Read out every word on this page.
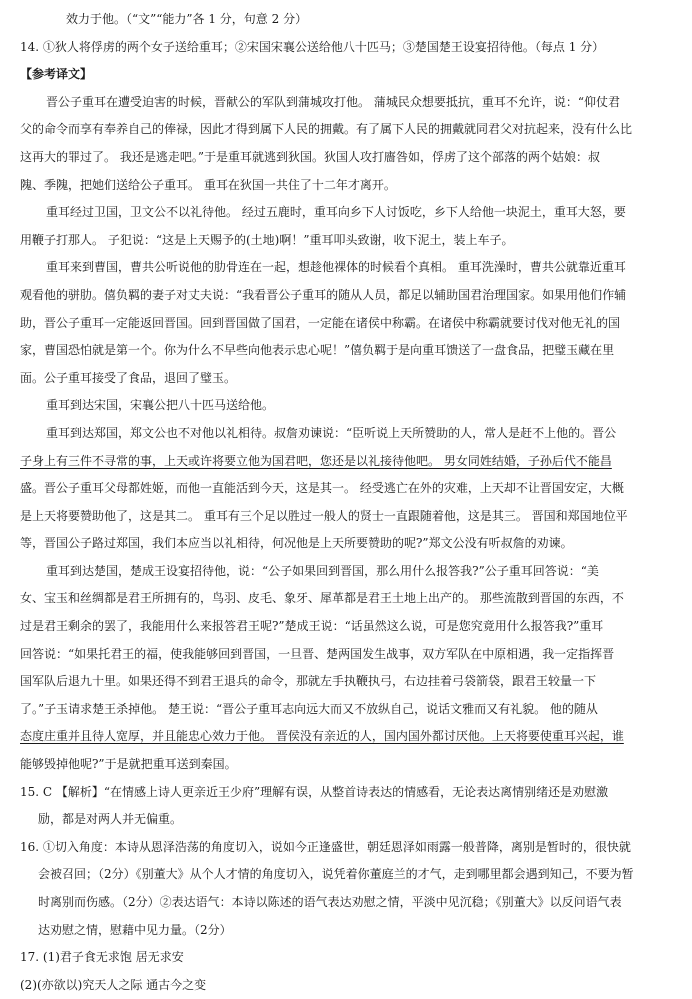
效力于他。（“文”“能力”各 1 分，句意 2 分）
14. ①狄人将俘虏的两个女子送给重耳；②宋国宋襄公送给他八十匹马；③楚国楚王设宴招待他。（每点 1 分）
【参考译文】
晋公子重耳在遭受迫害的时候，晋献公的军队到蒲城攻打他。 蒲城民众想要抵抗，重耳不允许，说：“仰仗君
父的命令而享有奉养自己的俸禄，因此才得到属下人民的拥戴。有了属下人民的拥戴就同君父对抗起来，没有什么比
这再大的罪过了。 我还是逃走吧。”于是重耳就逃到狄国。狄国人攻打廧咎如，俘虏了这个部落的两个姑娘：叔
隗、季隗，把她们送给公子重耳。 重耳在狄国一共住了十二年才离开。
重耳经过卫国，卫文公不以礼待他。 经过五鹿时，重耳向乡下人讨饭吃，乡下人给他一块泥土，重耳大怒，要
用鞭子打那人。 子犯说：“这是上天赐予的(土地)啊！”重耳叩头致谢，收下泥土，装上车子。
重耳来到曹国，曹共公听说他的肋骨连在一起，想趁他裸体的时候看个真相。 重耳洗澡时，曹共公就靠近重耳
观看他的骈肋。僖负羁的妻子对丈夫说：“我看晋公子重耳的随从人员，都足以辅助国君治理国家。如果用他们作辅
助，晋公子重耳一定能返回晋国。回到晋国做了国君，一定能在诸侯中称霸。在诸侯中称霸就要讨伐对他无礼的国
家，曹国恐怕就是第一个。你为什么不早些向他表示忠心呢！”僖负羁于是向重耳馈送了一盘食品，把璧玉藏在里
面。公子重耳接受了食品，退回了璧玉。
重耳到达宋国，宋襄公把八十匹马送给他。
重耳到达郑国，郑文公也不对他以礼相待。叔詹劝谏说：“臣听说上天所赞助的人，常人是赶不上他的。晋公
子身上有三件不寻常的事，上天或许将要立他为国君吧，您还是以礼接待他吧。 男女同姓结婚，子孙后代不能昌
盛。晋公子重耳父母都姓姬，而他一直能活到今天，这是其一。 经受逃亡在外的灾难，上天却不让晋国安定，大概
是上天将要赞助他了，这是其二。 重耳有三个足以胜过一般人的贤士一直跟随着他，这是其三。 晋国和郑国地位平
等，晋国公子路过郑国，我们本应当以礼相待，何况他是上天所要赞助的呢?”郑文公没有听叔詹的劝谏。
重耳到达楚国，楚成王设宴招待他，说：“公子如果回到晋国，那么用什么报答我?”公子重耳回答说：“美
女、宝玉和丝绸都是君王所拥有的，鸟羽、皮毛、象牙、犀革都是君王土地上出产的。 那些流散到晋国的东西，不
过是君王剩余的罢了，我能用什么来报答君王呢?”楚成王说：“话虽然这么说，可是您究竟用什么报答我?”重耳
回答说：“如果托君王的福，使我能够回到晋国，一旦晋、楚两国发生战事，双方军队在中原相遇，我一定指挥晋
国军队后退九十里。如果还得不到君王退兵的命令，那就左手执鞭执弓，右边挂着弓袋箭袋，跟君王较量一下
了。”子玉请求楚王杀掉他。 楚王说：“晋公子重耳志向远大而又不放纵自己，说话文雅而又有礼貌。 他的随从
态度庄重并且待人宽厚，并且能忠心效力于他。 晋侯没有亲近的人，国内国外都讨厌他。上天将要使重耳兴起，谁
能够毁掉他呢?”于是就把重耳送到秦国。
15. C 【解析】“在情感上诗人更亲近王少府”理解有误，从整首诗表达的情感看，无论表达离情别绪还是劝慰激
励，都是对两人并无偏重。
16. ①切入角度：本诗从恩泽浩荡的角度切入，说如今正逢盛世，朝廷恩泽如雨露一般普降，离别是暂时的，很快就
会被召回；（2分）《别董大》从个人才情的角度切入，说凭着你董庭兰的才气，走到哪里都会遇到知己，不要为暂
时离别而伤感。（2分）②表达语气：本诗以陈述的语气表达劝慰之情，平淡中见沉稳；《别董大》以反问语气表
达劝慰之情，慰藉中见力量。（2分）
17. (1)君子食无求饱 居无求安
(2)(亦欲以)究天人之际 通古今之变
